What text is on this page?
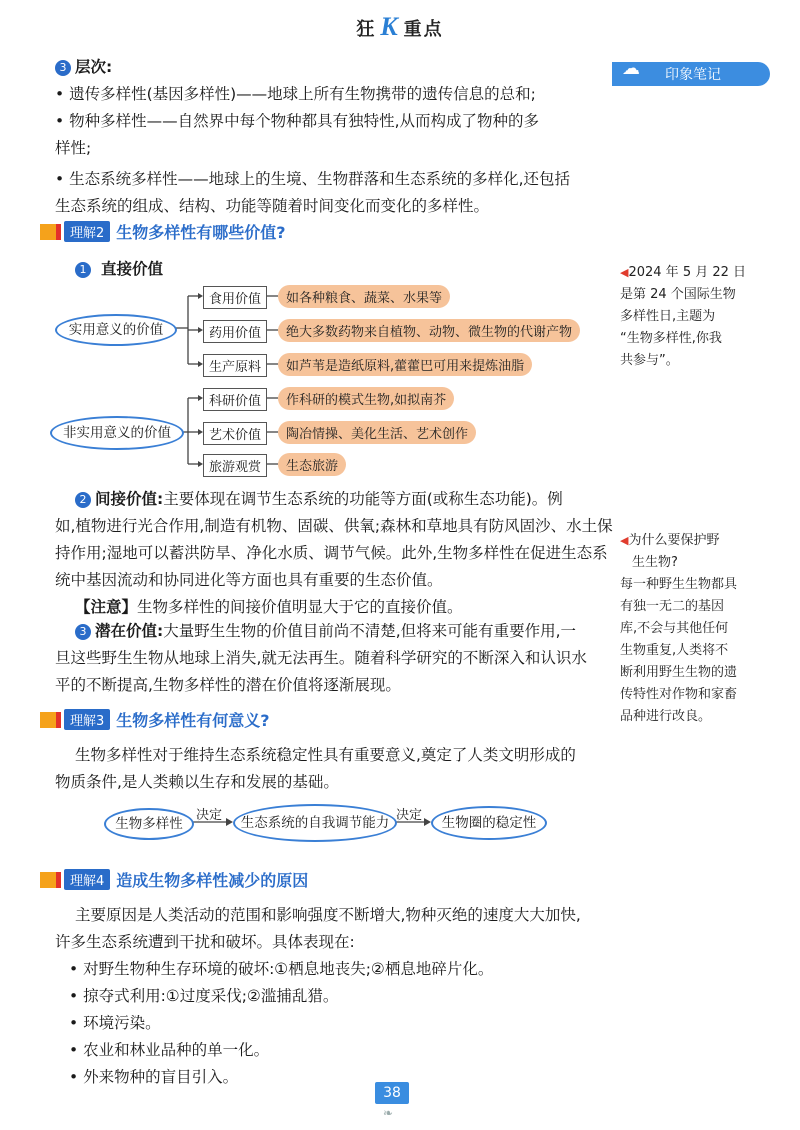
狂 K 重点
☁	印象笔记
3 层次:
• 遗传多样性(基因多样性)——地球上所有生物携带的遗传信息的总和;
• 物种多样性——自然界中每个物种都具有独特性,从而构成了物种的多
样性;
• 生态系统多样性——地球上的生境、生物群落和生态系统的多样化,还包括
生态系统的组成、结构、功能等随着时间变化而变化的多样性。
理解2 生物多样性有哪些价值?
1 直接价值
实用意义的价值
非实用意义的价值
食用价值	如各种粮食、蔬菜、水果等
药用价值	绝大多数药物来自植物、动物、微生物的代谢产物
生产原料	如芦苇是造纸原料,藿藿巴可用来提炼油脂
科研价值	作科研的模式生物,如拟南芥
艺术价值	陶冶情操、美化生活、艺术创作
旅游观赏	生态旅游
2 间接价值:主要体现在调节生态系统的功能等方面(或称生态功能)。例
如,植物进行光合作用,制造有机物、固碳、供氧;森林和草地具有防风固沙、水土保
持作用;湿地可以蓄洪防旱、净化水质、调节气候。此外,生物多样性在促进生态系
统中基因流动和协同进化等方面也具有重要的生态价值。
【注意】生物多样性的间接价值明显大于它的直接价值。
3 潜在价值:大量野生生物的价值目前尚不清楚,但将来可能有重要作用,一
旦这些野生生物从地球上消失,就无法再生。随着科学研究的不断深入和认识水
平的不断提高,生物多样性的潜在价值将逐渐展现。
理解3 生物多样性有何意义?
生物多样性对于维持生态系统稳定性具有重要意义,奠定了人类文明形成的
物质条件,是人类赖以生存和发展的基础。
生物多样性
决定	生态系统的自我调节能力 决定	生物圈的稳定性
理解4 造成生物多样性减少的原因
主要原因是人类活动的范围和影响强度不断增大,物种灭绝的速度大大加快,
许多生态系统遭到干扰和破坏。具体表现在:
• 对野生物种生存环境的破坏:①栖息地丧失;②栖息地碎片化。
• 掠夺式利用:①过度采伐;②滥捕乱猎。
• 环境污染。
• 农业和林业品种的单一化。
• 外来物种的盲目引入。
◀2024 年 5 月 22 日
是第 24 个国际生物
多样性日,主题为
“生物多样性,你我
共参与”。
◀为什么要保护野
生生物?
每一种野生生物都具
有独一无二的基因
库,不会与其他任何
生物重复,人类将不
断利用野生生物的遗
传特性对作物和家畜
品种进行改良。
38
❧
